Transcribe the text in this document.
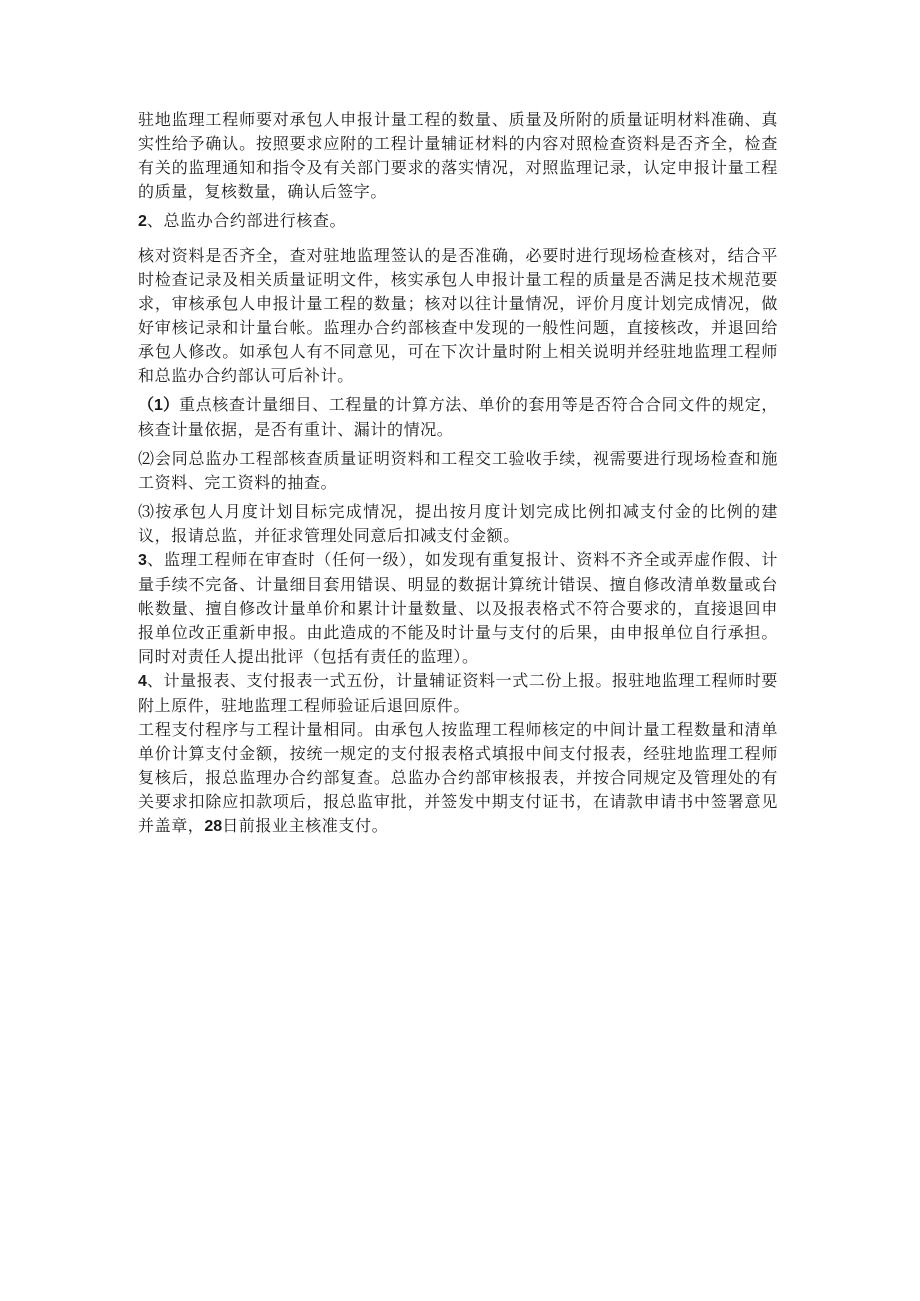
驻地监理工程师要对承包人申报计量工程的数量、质量及所附的质量证明材料准确、真实性给予确认。按照要求应附的工程计量辅证材料的内容对照检查资料是否齐全，检查有关的监理通知和指令及有关部门要求的落实情况，对照监理记录，认定申报计量工程的质量，复核数量，确认后签字。

2、总监办合约部进行核查。

核对资料是否齐全，查对驻地监理签认的是否准确，必要时进行现场检查核对，结合平时检查记录及相关质量证明文件，核实承包人申报计量工程的质量是否满足技术规范要求，审核承包人申报计量工程的数量；核对以往计量情况，评价月度计划完成情况，做好审核记录和计量台帐。监理办合约部核查中发现的一般性问题，直接核改，并退回给承包人修改。如承包人有不同意见，可在下次计量时附上相关说明并经驻地监理工程师和总监办合约部认可后补计。

（1）重点核查计量细目、工程量的计算方法、单价的套用等是否符合合同文件的规定，核查计量依据，是否有重计、漏计的情况。

⑵会同总监办工程部核查质量证明资料和工程交工验收手续，视需要进行现场检查和施工资料、完工资料的抽查。

⑶按承包人月度计划目标完成情况，提出按月度计划完成比例扣减支付金的比例的建议，报请总监，并征求管理处同意后扣减支付金额。

3、监理工程师在审查时（任何一级），如发现有重复报计、资料不齐全或弄虚作假、计量手续不完备、计量细目套用错误、明显的数据计算统计错误、擅自修改清单数量或台帐数量、擅自修改计量单价和累计计量数量、以及报表格式不符合要求的，直接退回申报单位改正重新申报。由此造成的不能及时计量与支付的后果，由申报单位自行承担。同时对责任人提出批评（包括有责任的监理）。

4、计量报表、支付报表一式五份，计量辅证资料一式二份上报。报驻地监理工程师时要附上原件，驻地监理工程师验证后退回原件。

工程支付程序与工程计量相同。由承包人按监理工程师核定的中间计量工程数量和清单单价计算支付金额，按统一规定的支付报表格式填报中间支付报表，经驻地监理工程师复核后，报总监理办合约部复查。总监办合约部审核报表，并按合同规定及管理处的有关要求扣除应扣款项后，报总监审批，并签发中期支付证书，在请款申请书中签署意见并盖章，28日前报业主核准支付。
